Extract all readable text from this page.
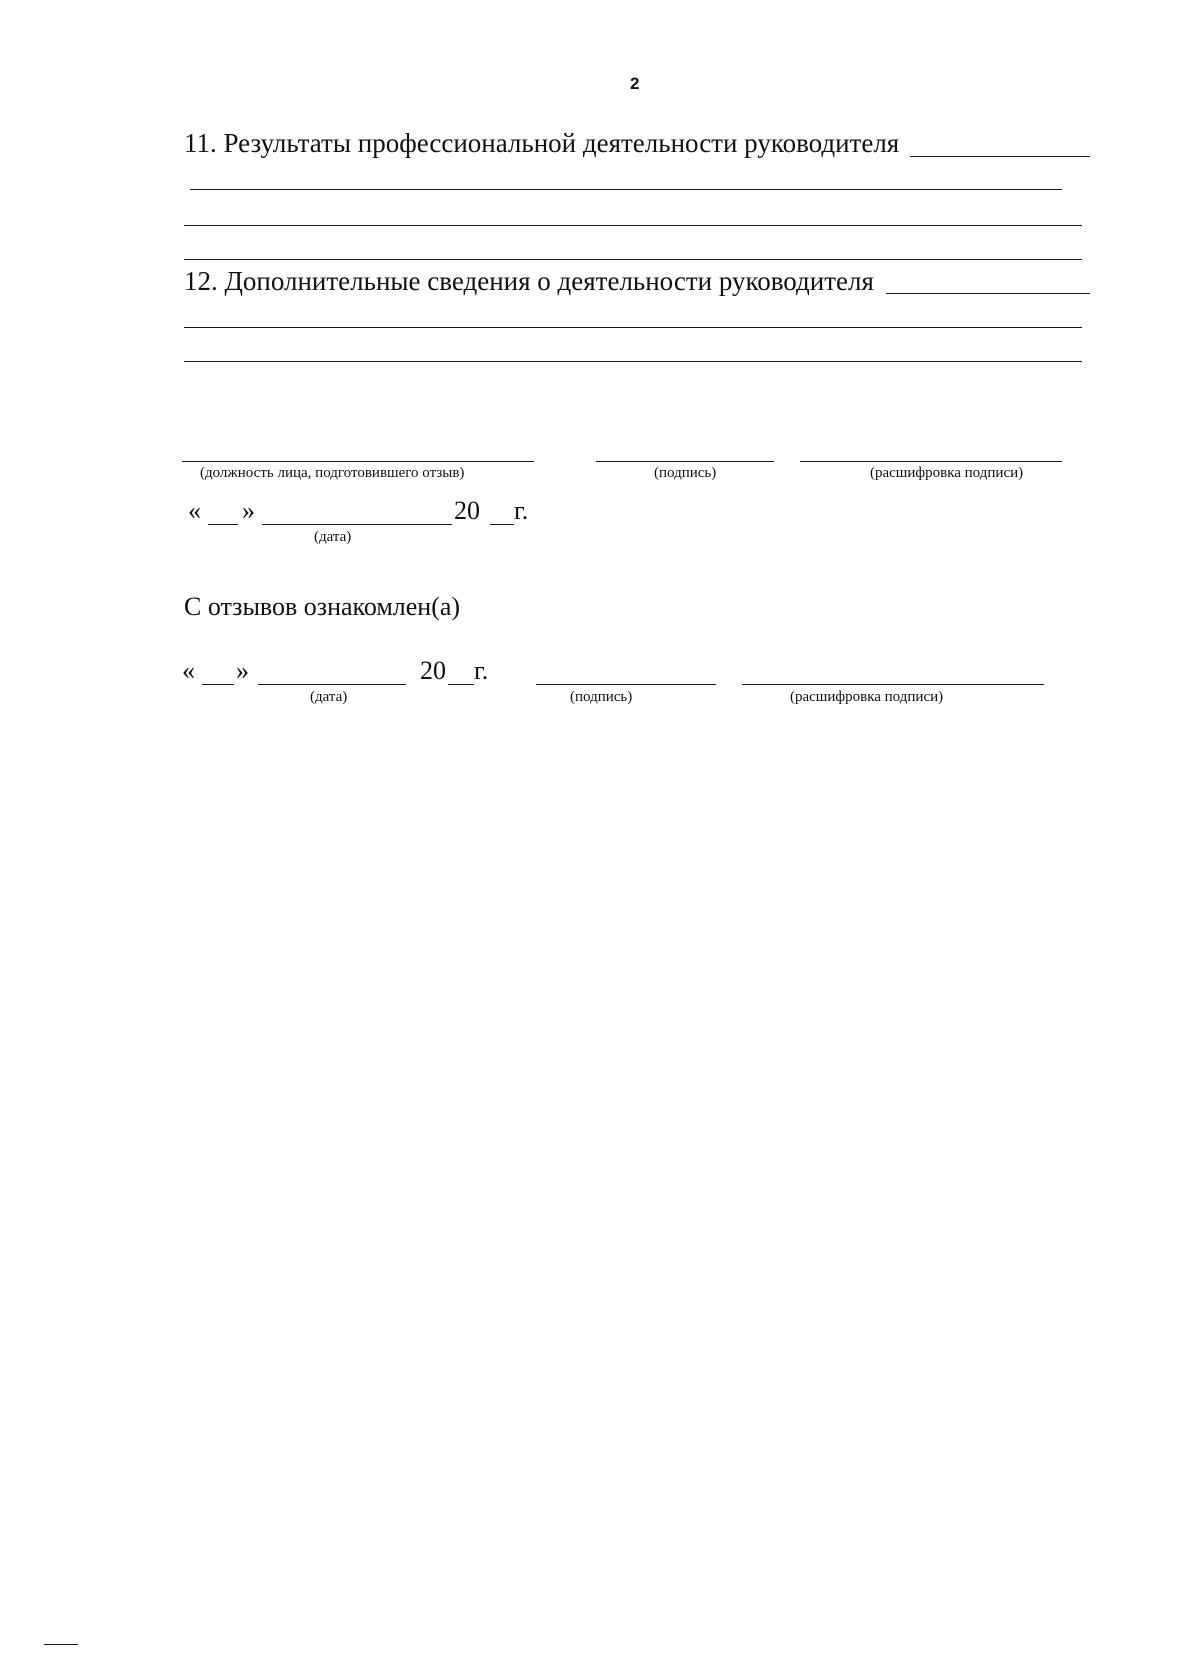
2
11. Результаты профессиональной деятельности руководителя
12. Дополнительные сведения о деятельности руководителя
(должность лица, подготовившего отзыв)	(подпись)	(расшифровка подписи)
« »	20 г.
(дата)
С отзывов ознакомлен(а)
« »	20 г.
(дата)	(подпись)	(расшифровка подписи)
